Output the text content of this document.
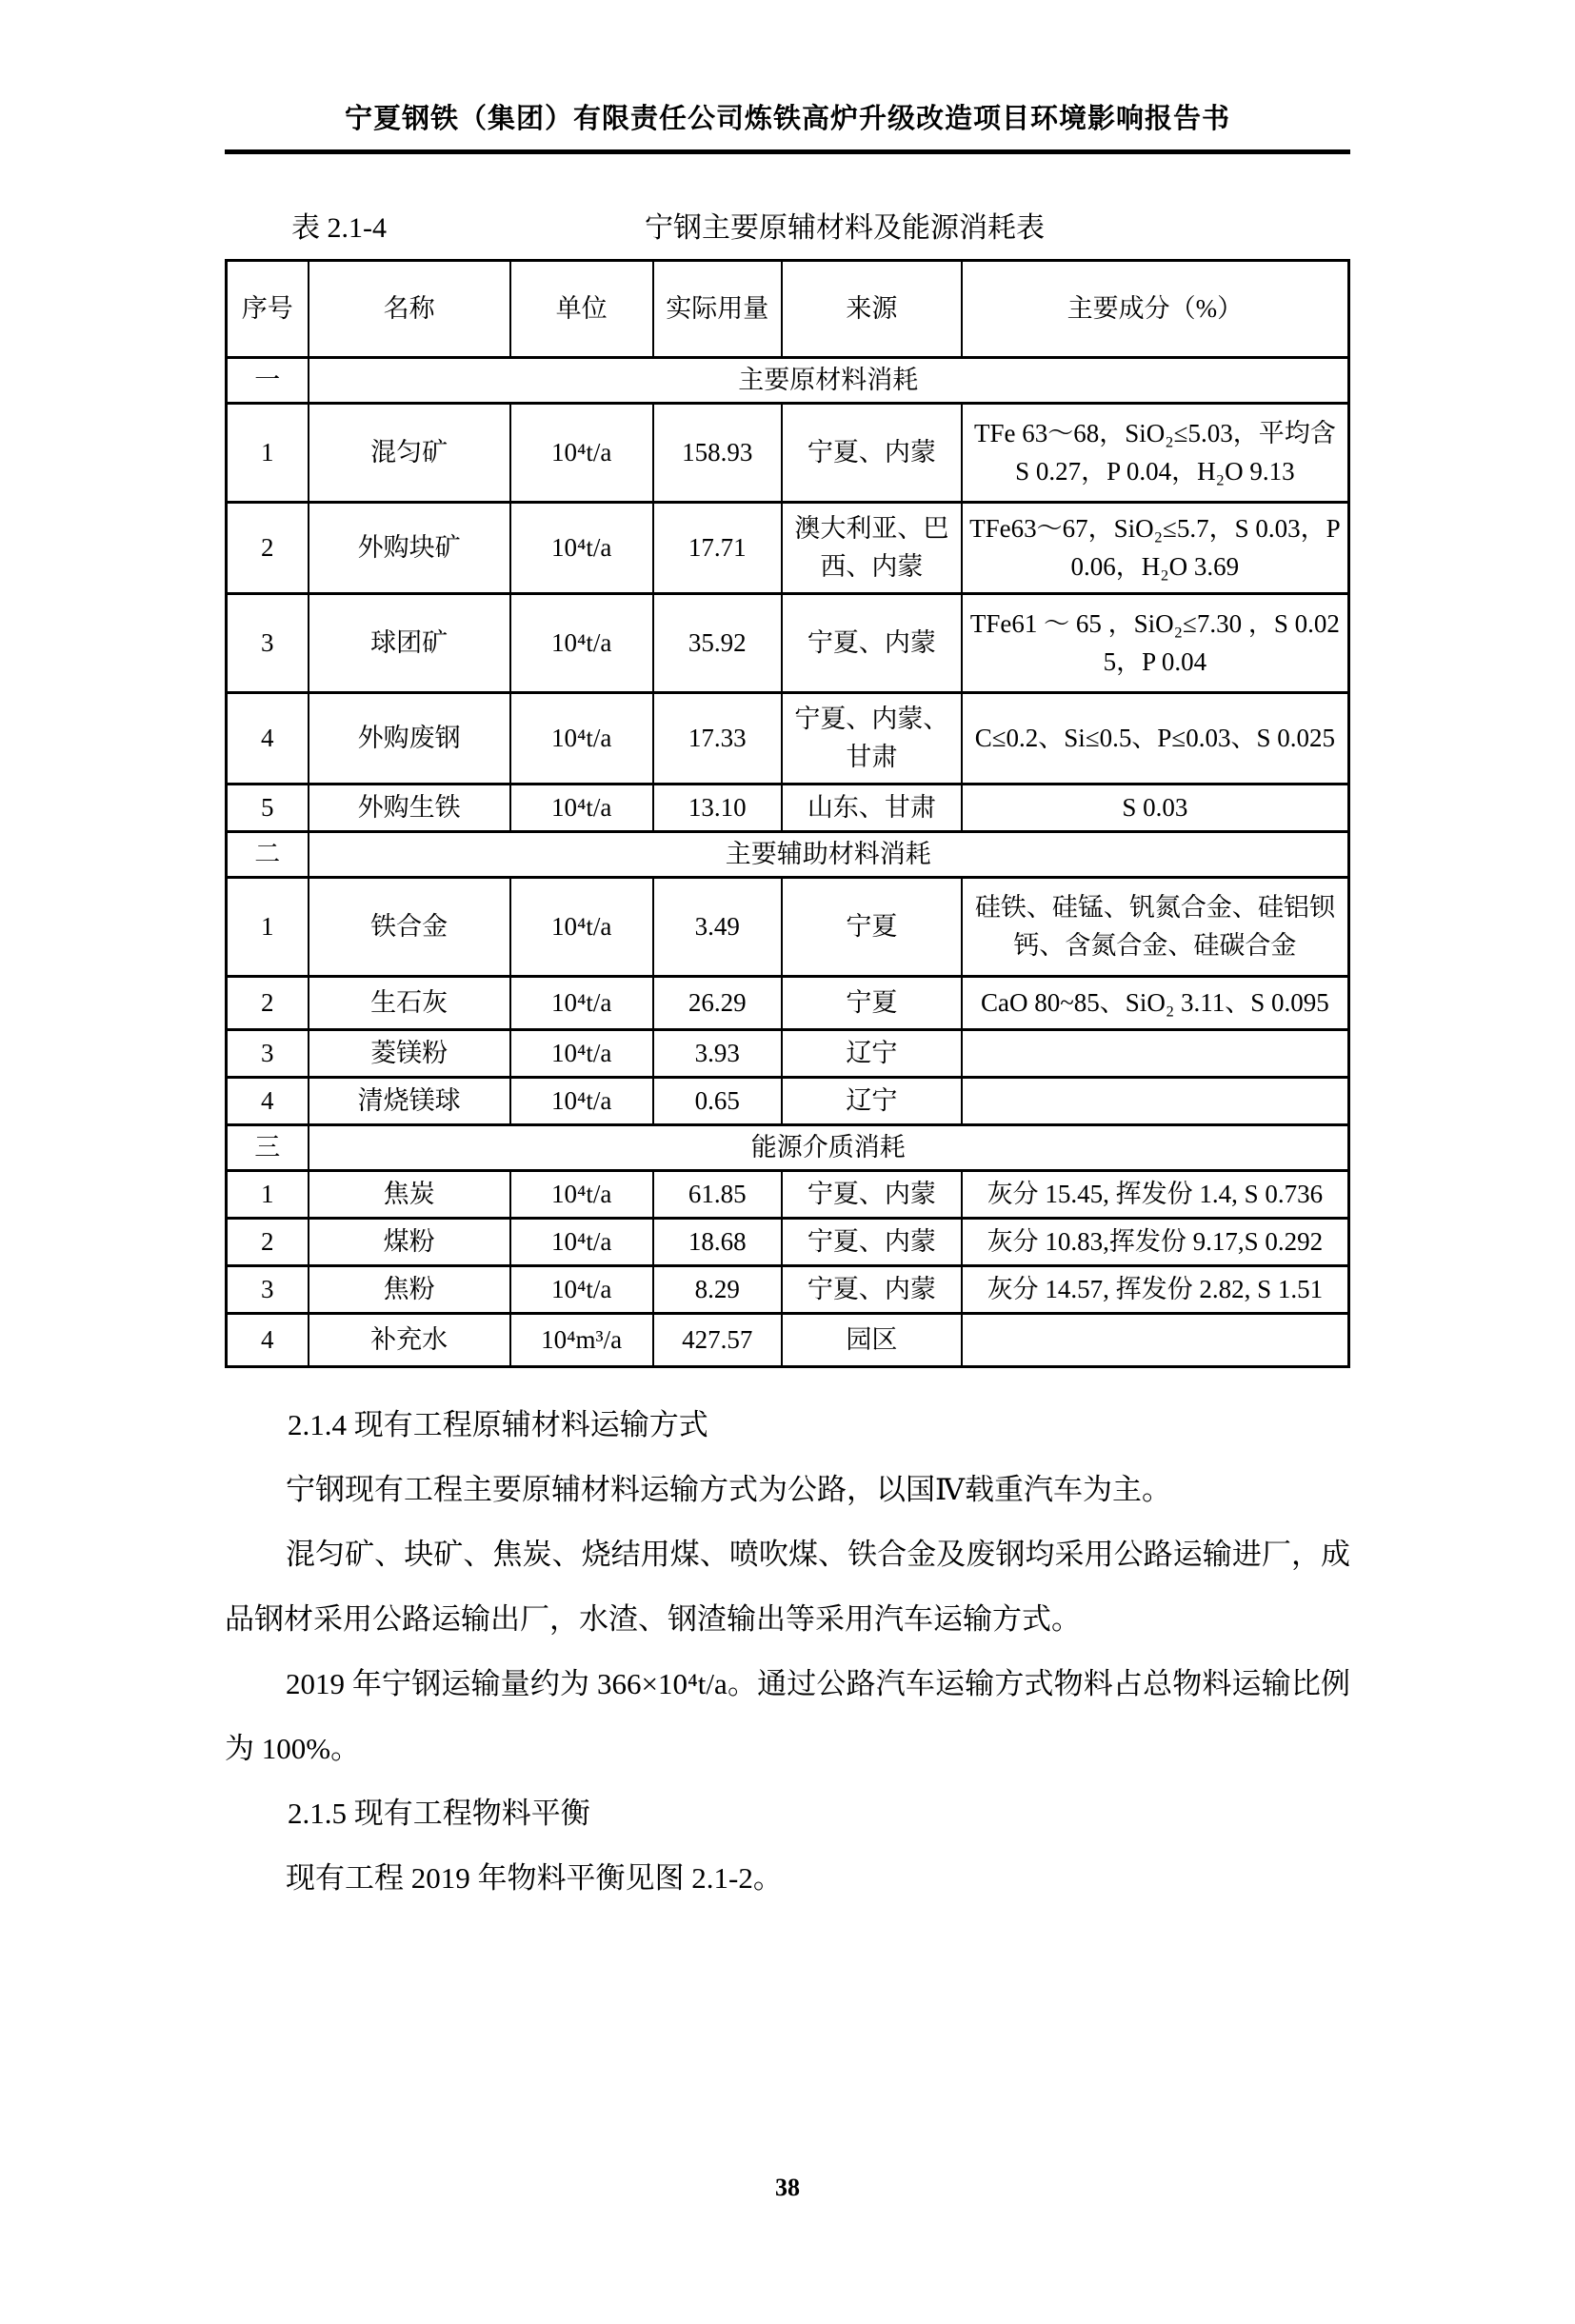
宁夏钢铁（集团）有限责任公司炼铁高炉升级改造项目环境影响报告书
表 2.1-4	宁钢主要原辅材料及能源消耗表
序号	名称	单位	实际用量	来源	主要成分（%）
一	主要原材料消耗				
1	混匀矿	10⁴t/a	158.93	宁夏、内蒙	TFe 63～68，SiO₂≤5.03，平均含 S 0.27，P 0.04，H₂O 9.13
2	外购块矿	10⁴t/a	17.71	澳大利亚、巴西、内蒙	TFe63～67，SiO₂≤5.7，S 0.03，P 0.06，H₂O 3.69
3	球团矿	10⁴t/a	35.92	宁夏、内蒙	TFe61 ～ 65 ，SiO₂≤7.30 ，S 0.025，P 0.04
4	外购废钢	10⁴t/a	17.33	宁夏、内蒙、甘肃	C≤0.2、Si≤0.5、P≤0.03、S 0.025
5	外购生铁	10⁴t/a	13.10	山东、甘肃	S 0.03
二	主要辅助材料消耗				
1	铁合金	10⁴t/a	3.49	宁夏	硅铁、硅锰、钒氮合金、硅铝钡钙、含氮合金、硅碳合金
2	生石灰	10⁴t/a	26.29	宁夏	CaO 80~85、SiO₂ 3.11、S 0.095
3	菱镁粉	10⁴t/a	3.93	辽宁	
4	清烧镁球	10⁴t/a	0.65	辽宁	
三	能源介质消耗				
1	焦炭	10⁴t/a	61.85	宁夏、内蒙	灰分 15.45, 挥发份 1.4, S 0.736
2	煤粉	10⁴t/a	18.68	宁夏、内蒙	灰分 10.83,挥发份 9.17,S 0.292
3	焦粉	10⁴t/a	8.29	宁夏、内蒙	灰分 14.57, 挥发份 2.82, S 1.51
4	补充水	10⁴m³/a	427.57	园区	

2.1.4 现有工程原辅材料运输方式

宁钢现有工程主要原辅材料运输方式为公路，以国Ⅳ载重汽车为主。

混匀矿、块矿、焦炭、烧结用煤、喷吹煤、铁合金及废钢均采用公路运输进厂，成品钢材采用公路运输出厂，水渣、钢渣输出等采用汽车运输方式。

2019 年宁钢运输量约为 366×10⁴t/a。通过公路汽车运输方式物料占总物料运输比例为 100%。

2.1.5 现有工程物料平衡

现有工程 2019 年物料平衡见图 2.1-2。

38
